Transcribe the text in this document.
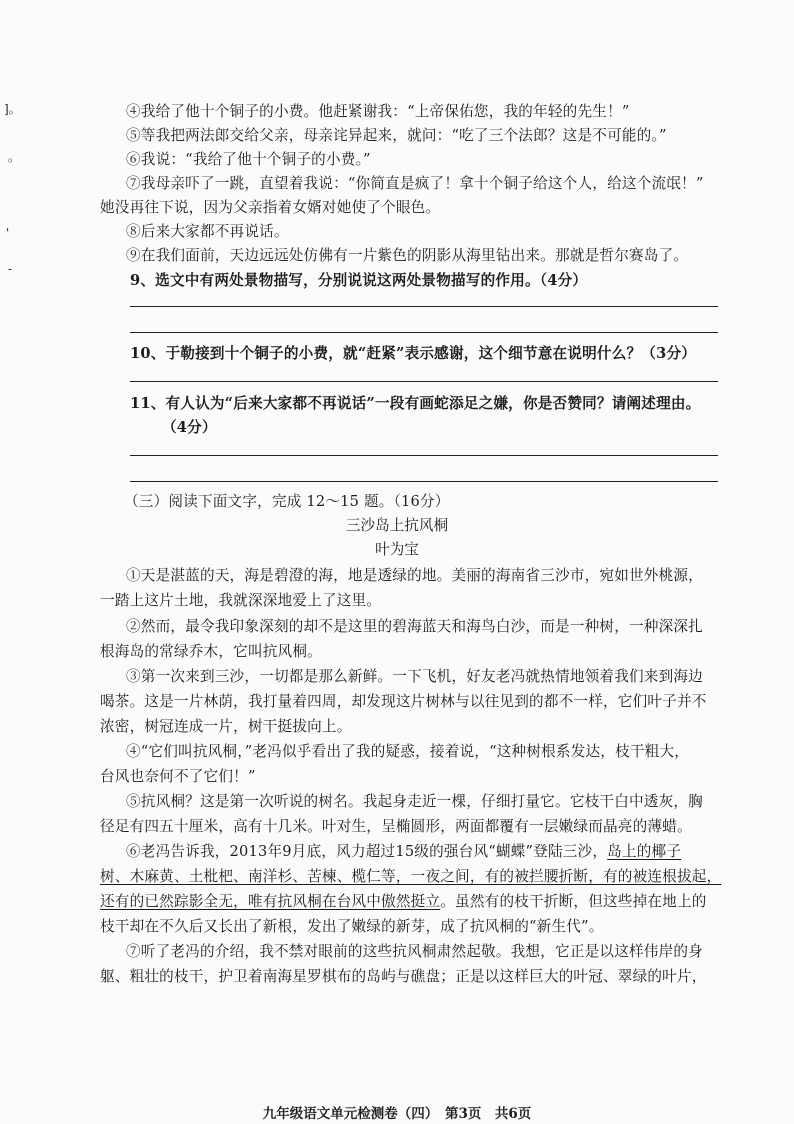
]。
。
'
-
④我给了他十个铜子的小费。他赶紧谢我：“上帝保佑您，我的年轻的先生！”
⑤等我把两法郎交给父亲，母亲诧异起来，就问：“吃了三个法郎？这是不可能的。”
⑥我说：“我给了他十个铜子的小费。”
⑦我母亲吓了一跳，直望着我说：“你简直是疯了！拿十个铜子给这个人，给这个流氓！”
她没再往下说，因为父亲指着女婿对她使了个眼色。
⑧后来大家都不再说话。
⑨在我们面前，天边远远处仿佛有一片紫色的阴影从海里钻出来。那就是哲尔赛岛了。
9、选文中有两处景物描写，分别说说这两处景物描写的作用。（4分）
10、于勒接到十个铜子的小费，就“赶紧”表示感谢，这个细节意在说明什么？（3分）
11、有人认为“后来大家都不再说话”一段有画蛇添足之嫌，你是否赞同？请阐述理由。
（4分）
（三）阅读下面文字，完成 12～15 题。（16分）
三沙岛上抗风桐
叶为宝
①天是湛蓝的天，海是碧澄的海，地是透绿的地。美丽的海南省三沙市，宛如世外桃源，
一踏上这片土地，我就深深地爱上了这里。
②然而，最令我印象深刻的却不是这里的碧海蓝天和海鸟白沙，而是一种树，一种深深扎
根海岛的常绿乔木，它叫抗风桐。
③第一次来到三沙，一切都是那么新鲜。一下飞机，好友老冯就热情地领着我们来到海边
喝茶。这是一片林荫，我打量着四周，却发现这片树林与以往见到的都不一样，它们叶子并不
浓密，树冠连成一片，树干挺拔向上。
④“它们叫抗风桐，”老冯似乎看出了我的疑惑，接着说，“这种树根系发达，枝干粗大，
台风也奈何不了它们！”
⑤抗风桐？这是第一次听说的树名。我起身走近一棵，仔细打量它。它枝干白中透灰，胸
径足有四五十厘米，高有十几米。叶对生，呈椭圆形，两面都覆有一层嫩绿而晶亮的薄蜡。
⑥老冯告诉我，2013年9月底，风力超过15级的强台风“蝴蝶”登陆三沙，岛上的椰子
树、木麻黄、土枇杷、南洋杉、苦楝、榄仁等，一夜之间，有的被拦腰折断，有的被连根拔起，
还有的已然踪影全无，唯有抗风桐在台风中傲然挺立。虽然有的枝干折断，但这些掉在地上的
枝干却在不久后又长出了新根，发出了嫩绿的新芽，成了抗风桐的“新生代”。
⑦听了老冯的介绍，我不禁对眼前的这些抗风桐肃然起敬。我想，它正是以这样伟岸的身
躯、粗壮的枝干，护卫着南海星罗棋布的岛屿与礁盘；正是以这样巨大的叶冠、翠绿的叶片，
九年级语文单元检测卷（四）　第3页　共6页
